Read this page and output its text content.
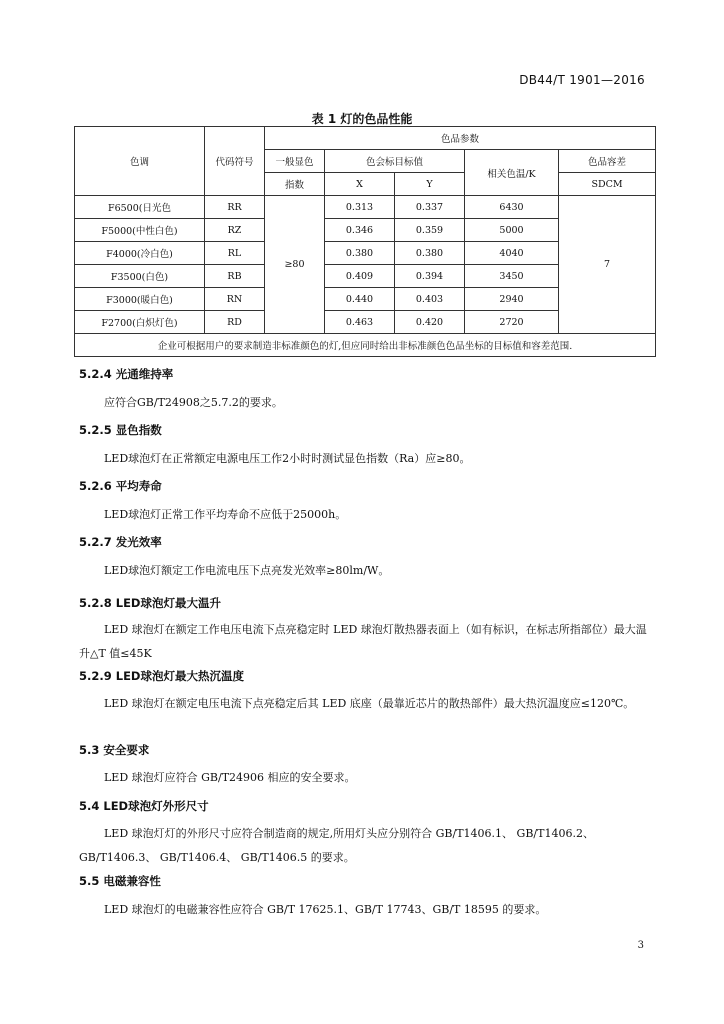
DB44/T 1901—2016
表 1 灯的色品性能
色调	代码符号	色品参数				
		一般显色	色会标目标值		相关色温/K	色品容差
		指数	X	Y		SDCM
F6500(日光色	RR	≥80	0.313	0.337	6430	7
F5000(中性白色)	RZ		0.346	0.359	5000	
F4000(冷白色)	RL		0.380	0.380	4040	
F3500(白色)	RB		0.409	0.394	3450	
F3000(暖白色)	RN		0.440	0.403	2940	
F2700(白炽灯色)	RD		0.463	0.420	2720	
企业可根据用户的要求制造非标准颜色的灯,但应同时给出非标准颜色色品坐标的目标值和容差范围.						
5.2.4 光通维持率
应符合GB/T24908之5.7.2的要求。
5.2.5 显色指数
LED球泡灯在正常额定电源电压工作2小时时测试显色指数（Ra）应≥80。
5.2.6 平均寿命
LED球泡灯正常工作平均寿命不应低于25000h。
5.2.7 发光效率
LED球泡灯额定工作电流电压下点亮发光效率≥80lm/W。
5.2.8 LED球泡灯最大温升
LED 球泡灯在额定工作电压电流下点亮稳定时 LED 球泡灯散热器表面上（如有标识，在标志所指部位）最大温升△T 值≤45K
5.2.9 LED球泡灯最大热沉温度
LED 球泡灯在额定电压电流下点亮稳定后其 LED 底座（最靠近芯片的散热部件）最大热沉温度应≤120℃。
5.3 安全要求
LED 球泡灯应符合 GB/T24906 相应的安全要求。
5.4 LED球泡灯外形尺寸
LED 球泡灯灯的外形尺寸应符合制造商的规定,所用灯头应分别符合 GB/T1406.1、 GB/T1406.2、GB/T1406.3、 GB/T1406.4、 GB/T1406.5 的要求。
5.5 电磁兼容性
LED 球泡灯的电磁兼容性应符合 GB/T 17625.1、GB/T 17743、GB/T 18595 的要求。
3
